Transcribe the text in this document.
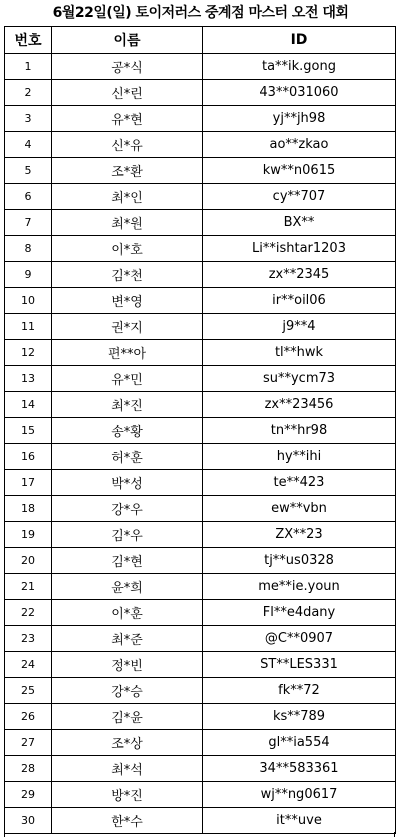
6월22일(일) 토이저러스 중계점 마스터 오전 대회
번호	이름	ID
1	공*식	ta**ik.gong
2	신*린	43**031060
3	유*현	yj**jh98
4	신*유	ao**zkao
5	조*환	kw**n0615
6	최*인	cy**707
7	최*원	BX**
8	이*호	Li**ishtar1203
9	김*천	zx**2345
10	변*영	ir**oil06
11	권*지	j9**4
12	편**아	tl**hwk
13	유*민	su**ycm73
14	최*진	zx**23456
15	송*황	tn**hr98
16	허*훈	hy**ihi
17	박*성	te**423
18	강*우	ew**vbn
19	김*우	ZX**23
20	김*현	tj**us0328
21	윤*희	me**ie.youn
22	이*훈	Fl**e4dany
23	최*준	@C**0907
24	정*빈	ST**LES331
25	강*승	fk**72
26	김*윤	ks**789
27	조*상	gl**ia554
28	최*석	34**583361
29	방*진	wj**ng0617
30	한*수	it**uve
